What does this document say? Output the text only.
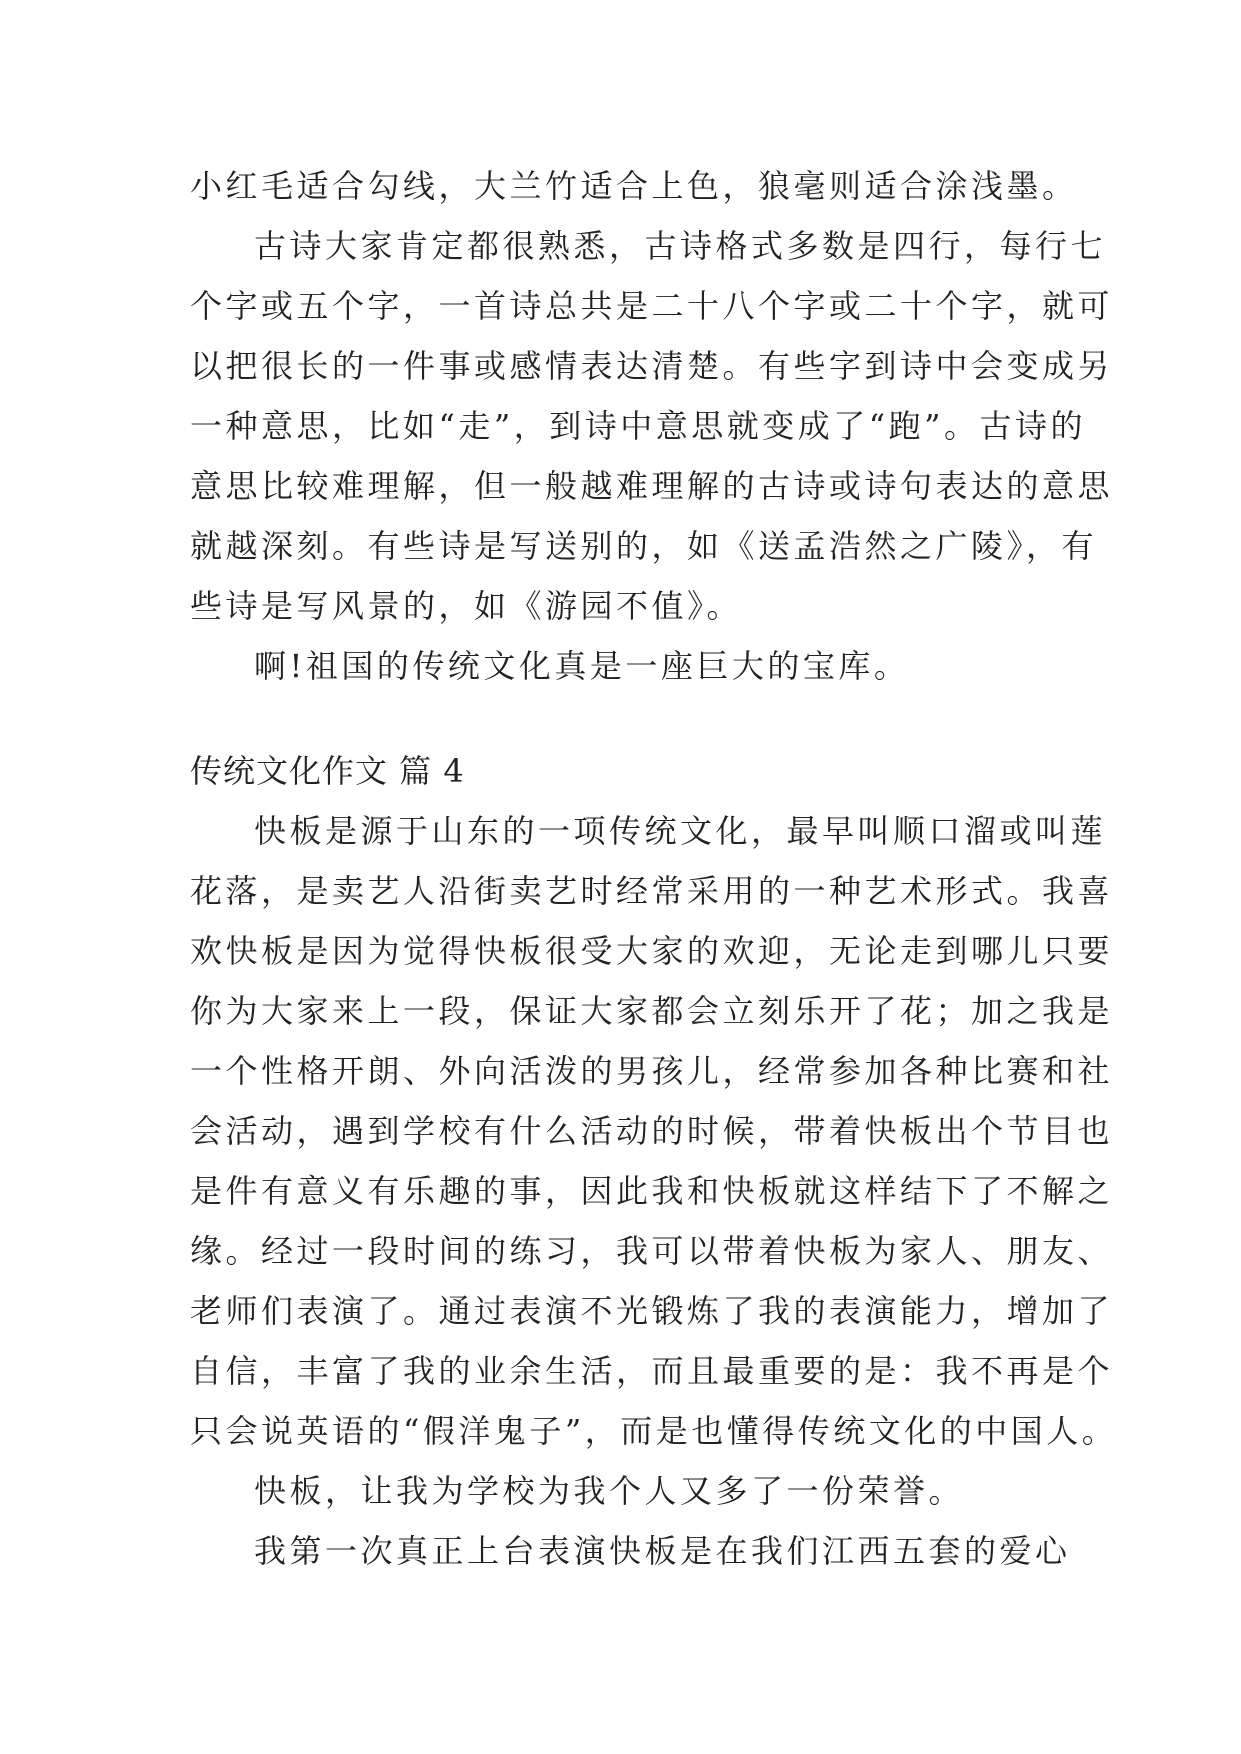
小红毛适合勾线，大兰竹适合上色，狼毫则适合涂浅墨。
古诗大家肯定都很熟悉，古诗格式多数是四行，每行七
个字或五个字，一首诗总共是二十八个字或二十个字，就可
以把很长的一件事或感情表达清楚。有些字到诗中会变成另
一种意思，比如“走”，到诗中意思就变成了“跑”。古诗的
意思比较难理解，但一般越难理解的古诗或诗句表达的意思
就越深刻。有些诗是写送别的，如《送孟浩然之广陵》，有
些诗是写风景的，如《游园不值》。
啊!祖国的传统文化真是一座巨大的宝库。
传统文化作文 篇 4
快板是源于山东的一项传统文化，最早叫顺口溜或叫莲
花落，是卖艺人沿街卖艺时经常采用的一种艺术形式。我喜
欢快板是因为觉得快板很受大家的欢迎，无论走到哪儿只要
你为大家来上一段，保证大家都会立刻乐开了花；加之我是
一个性格开朗、外向活泼的男孩儿，经常参加各种比赛和社
会活动，遇到学校有什么活动的时候，带着快板出个节目也
是件有意义有乐趣的事，因此我和快板就这样结下了不解之
缘。经过一段时间的练习，我可以带着快板为家人、朋友、
老师们表演了。通过表演不光锻炼了我的表演能力，增加了
自信，丰富了我的业余生活，而且最重要的是：我不再是个
只会说英语的“假洋鬼子”，而是也懂得传统文化的中国人。
快板，让我为学校为我个人又多了一份荣誉。
我第一次真正上台表演快板是在我们江西五套的爱心
